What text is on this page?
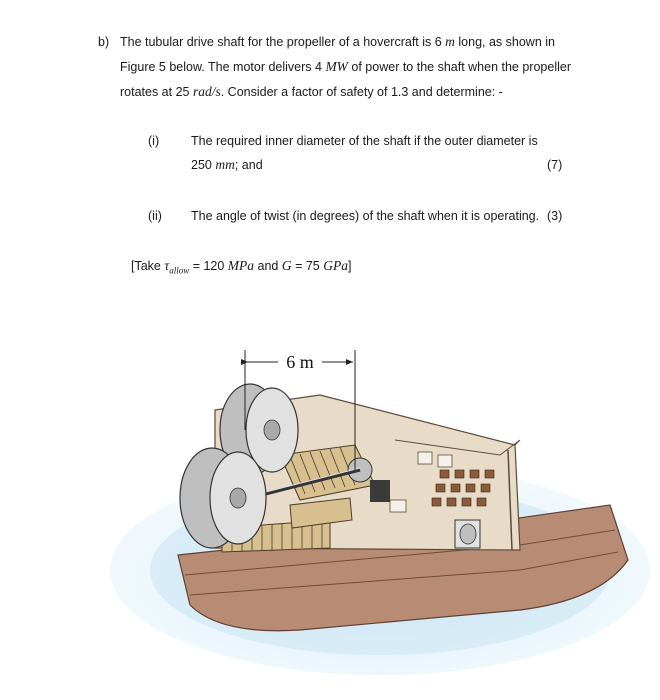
b) The tubular drive shaft for the propeller of a hovercraft is 6 m long, as shown in
Figure 5 below. The motor delivers 4 MW of power to the shaft when the propeller
rotates at 25 rad/s. Consider a factor of safety of 1.3 and determine: -
(i)	The required inner diameter of the shaft if the outer diameter is
250 mm; and	(7)
(ii) The angle of twist (in degrees) of the shaft when it is operating. (3)
[Take $\tau_{allow} = 120$ MPa and G = 75 GPa]
6 m
